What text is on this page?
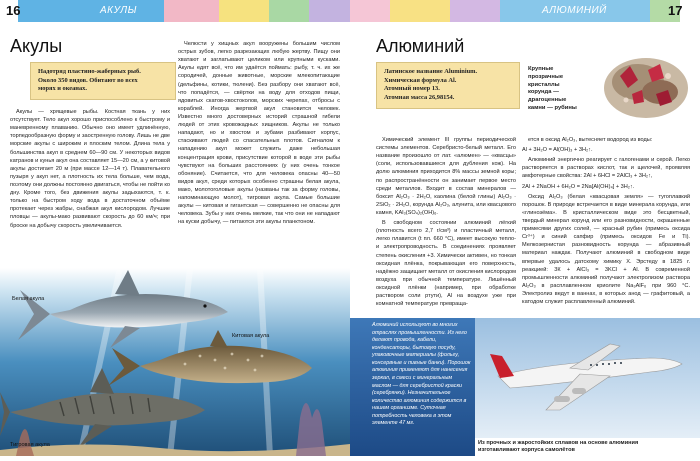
16	АКУЛЫ
Акулы

Надотряд пластино-жаберных рыб.

Около 350 видов. Обитают во всех

морях и океанах.

Акулы — хрящевые рыбы. Костная ткань у них отсутствует. Тело акул хорошо приспособлено к быстрому и маневренному плаванию. Обычно оно имеет удлинённую, торпедообразную форму и заостренную голову. Лишь не две морские акулы с широким и плоским телом. Длина тела у большинства акул в среднем 60—90 см. У некоторых видов катранов и кунья акул она составляет 15—20 см, а у китовой акулы достигает 20 м (при массе 12—14 т). Плавательного пузыря у акул нет, а плотность их тела больше, чем вода, поэтому они должны постоянно двигаться, чтобы не пойти ко дну. Кроме того, без движения акулы задыхаются, т. к. только на быстром ходу вода в достаточном объёме протекает через жабры, снабжая акул кислородом. Лучшие пловцы — акулы-мако развивают скорость до 60 км/ч; при броске на добычу скорость увеличивается.

Челюсти у хищных акул вооружены большим числом острых зубов, легко разрезающих любую жертву. Пищу они хватают и заглатывают целиком или крупными кусками. Акулы едят всё, что им удаётся поймать: рыбу, т. ч. их же сородичей, донные животные, морские млекопитающие (дельфины, котики, тюлени). Без разбору они хватают всё, что попадётся, — свёртки на воду для отходов пищи, ядовитых скатов-хвостоколов, морских черепах, отбросы с кораблей. Иногда жертвой акул становится человек. Известно много достоверных историй страшной гибели людей от этих кровожадных хищников. Акулы не только нападают, но и хвостом и зубами разбивают корпус, стаскивают людей со спасательных плотов. Сигналом к нападению акул может служить даже небольшая концентрация крови, присутствие которой в воде эти рыбы чувствуют на больших расстояниях (у них очень тонкое обоняние). Считается, что для человека опасны 40—50 видов акул, среди которых особенно страшны белая акула, мако, молотоголовые акулы (названы так за форму головы, напоминающую молот), тигровая акула. Самые большие акулы — китовая и гигантская — совершенно не опасны для человека. Зубы у них очень мелкие, так что они не нападают на куски добычу, — питаются эти акулы планктоном.

Белая акула
Китовая акула
Тигровая акула
АЛЮМИНИЙ	17
Алюминий

Латинское название Aluminium.

Химическая формула Al.

Атомный номер 13.

Атомная масса 26,98154.

Крупные
прозрачные
кристаллы
корунда —
драгоценные
камни — рубины

Химический элемент III группы периодической системы элементов. Серебристо-белый металл. Его название произошло от лат. «алюмен» — «квасцы» (соли, использовавшиеся для дубления кож). На долю алюминия приходится 8% массы земной коры; по распространённости он занимает первое место среди металлов. Входит в состав минералов — боксит Al₂O₃ · 2H₂O, каолина (белой глины) Al₂O₃ · 2SiO₂ · 2H₂O, корунда Al₂O₃, алунита, или квасцового камня, KAl₃(SO₄)₂(OH)₆.

В свободном состоянии алюминий лёгкий (плотность всего 2,7 г/см³) и пластичный металл, легко плавится (t пл. 660 °C), имеет высокую тепло- и электропроводность. В соединениях проявляет степень окисления +3. Химически активен, но тонкая оксидная плёнка, покрывающая его поверхность, надёжно защищает металл от окисления кислородом воздуха при обычной температуре. Лишённый оксидной плёнки (например, при обработке раствором соли ртути), Al на воздухе уже при комнатной температуре превраща-

ется в оксид Al₂O₃, вытесняет водород из воды:

Al + 3H₂O = Al(OH)₃ + 3H₂↑.

Алюминий энергично реагирует с галогенами и серой. Легко растворяется в растворах кислот, так и щелочей, проявляя амфотерные свойства: 2Al + 6HCl = 2AlCl₃ + 3H₂↑,

2Al + 2NaOH + 6H₂O = 2Na[Al(OH)₄] + 3H₂↑.

Оксид Al₂O₃ (белая «квасцовая земля» — тугоплавкий порошок. В природе встречается в виде минерала корунда, или «глинозёма». В кристаллическом виде это бесцветный, твердый минерал корунд или его разновидности, окрашенные примесями других солей, — красный рубин (примесь оксида Cr³⁺) и синий сапфир (примесь оксидов Fe и Ti). Мелкозернистая разновидность корунда — абразивный материал наждак. Получают алюминий в свободном виде впервые удалось датскому химику Х. Эрстеду в 1825 г. реакцией: 3К + AlCl₃ = 3KCl + Al. В современной промышленности алюминий получают электролизом раствора Al₂O₃ в расплавленном криолите Na₃AlF₆ при 960 °C. Электролиз ведут в ваннах, в которых анод — графитовый, а катодом служит расплавленный алюминий.

Алюминий используют во многих отраслях промышленности. Из него делают провода, кабели, конденсаторы, бытовую посуду, упаковочные материалы (фольгу, консервные и пивные банки). Порошок алюминия применяют для нанесения зеркал, в смеси с минеральным маслом — для серебристой краски (серебрянки). Незначительное количество алюминия содержится в нашем организме. Суточная потребность человека в этом элементе 47 мг.
Из прочных и жаростойких сплавов на основе алюминия
изготавливают корпуса самолётов
